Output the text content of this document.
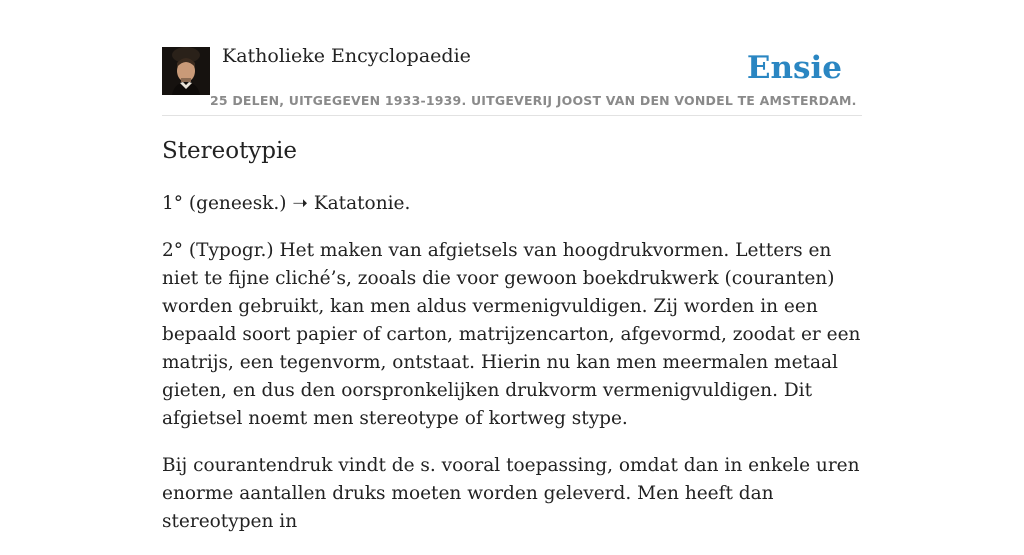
Katholieke Encyclopaedie	Ensie
25 DELEN, UITGEGEVEN 1933-1939. UITGEVERIJ JOOST VAN DEN VONDEL TE AMSTERDAM.
Stereotypie

1° (geneesk.) ➝ Katatonie.

2° (Typogr.) Het maken van afgietsels van hoogdrukvormen. Letters en niet te fijne cliché’s, zooals die voor gewoon boekdrukwerk (couranten) worden gebruikt, kan men aldus vermenigvuldigen. Zij worden in een bepaald soort papier of carton, matrijzencarton, afgevormd, zoodat er een matrijs, een tegenvorm, ontstaat. Hierin nu kan men meermalen metaal gieten, en dus den oorspronkelijken drukvorm vermenigvuldigen. Dit afgietsel noemt men stereotype of kortweg stype.

Bij courantendruk vindt de s. vooral toepassing, omdat dan in enkele uren enorme aantallen druks moeten worden geleverd. Men heeft dan stereotypen in
